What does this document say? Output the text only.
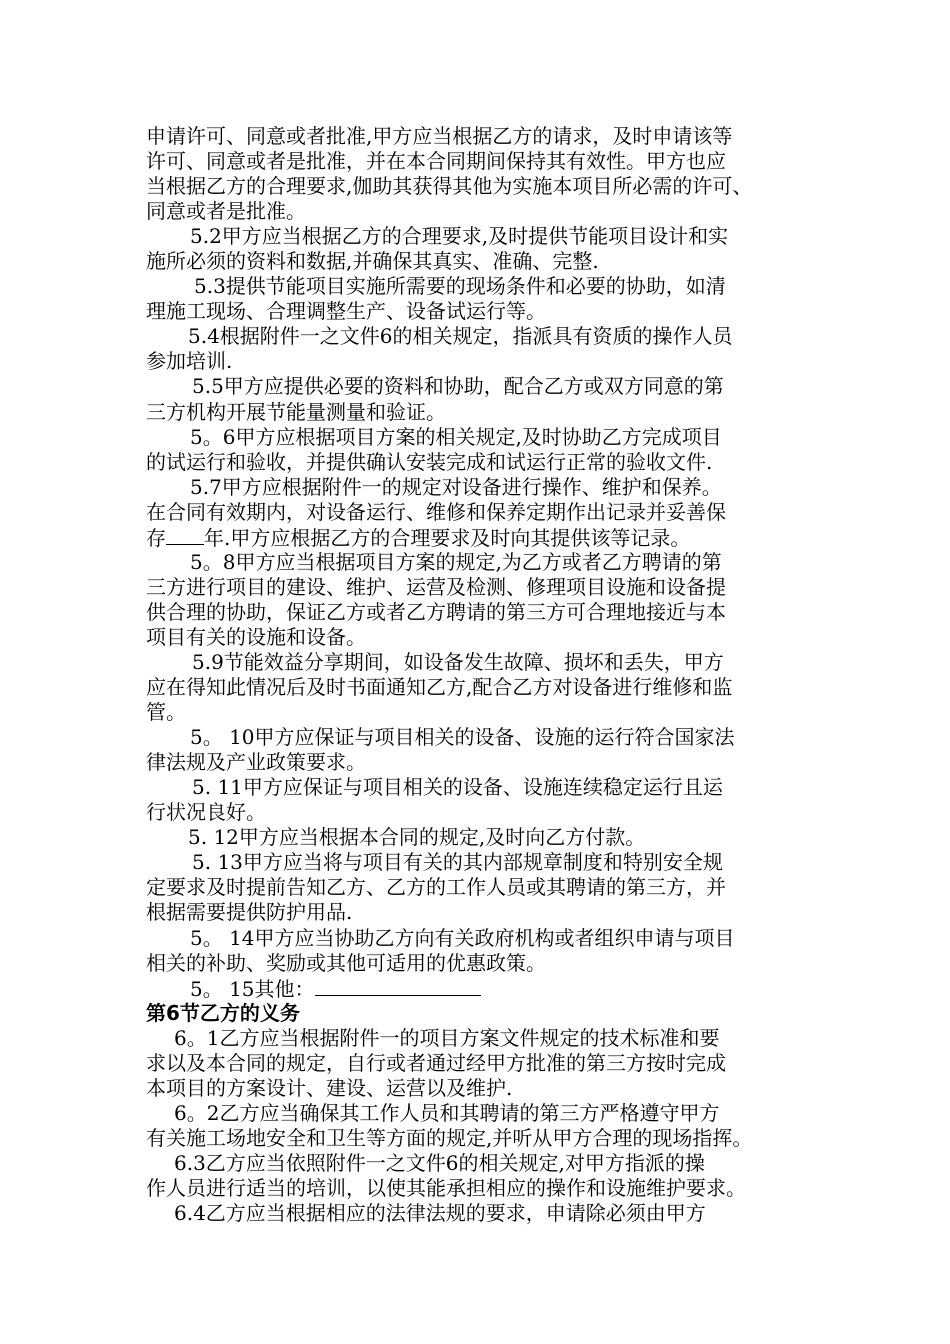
申请许可、同意或者批准,甲方应当根据乙方的请求，及时申请该等
许可、同意或者是批准，并在本合同期间保持其有效性。甲方也应
当根据乙方的合理要求,伽助其获得其他为实施本项目所必需的许可、
同意或者是批准。
5.2甲方应当根据乙方的合理要求,及时提供节能项目设计和实
施所必须的资料和数据,并确保其真实、准确、完整.
5.3提供节能项目实施所需要的现场条件和必要的协助，如清
理施工现场、合理调整生产、设备试运行等。
5.4根据附件一之文件6的相关规定，指派具有资质的操作人员
参加培训.
5.5甲方应提供必要的资料和协助，配合乙方或双方同意的第
三方机构开展节能量测量和验证。
5。6甲方应根据项目方案的相关规定,及时协助乙方完成项目
的试运行和验收，并提供确认安装完成和试运行正常的验收文件.
5.7甲方应根据附件一的规定对设备进行操作、维护和保养。
在合同有效期内，对设备运行、维修和保养定期作出记录并妥善保
存 年.甲方应根据乙方的合理要求及时向其提供该等记录。
5。8甲方应当根据项目方案的规定,为乙方或者乙方聘请的第
三方进行项目的建设、维护、运营及检测、修理项目设施和设备提
供合理的协助，保证乙方或者乙方聘请的第三方可合理地接近与本
项目有关的设施和设备。
5.9节能效益分享期间，如设备发生故障、损坏和丢失，甲方
应在得知此情况后及时书面通知乙方,配合乙方对设备进行维修和监
管。
5。 10甲方应保证与项目相关的设备、设施的运行符合国家法
律法规及产业政策要求。
5. 11甲方应保证与项目相关的设备、设施连续稳定运行且运
行状况良好。
5. 12甲方应当根据本合同的规定,及时向乙方付款。
5. 13甲方应当将与项目有关的其内部规章制度和特别安全规
定要求及时提前告知乙方、乙方的工作人员或其聘请的第三方，并
根据需要提供防护用品.
5。 14甲方应当协助乙方向有关政府机构或者组织申请与项目
相关的补助、奖励或其他可适用的优惠政策。
5。 15其他：
第6节乙方的义务
6。1乙方应当根据附件一的项目方案文件规定的技术标准和要
求以及本合同的规定，自行或者通过经甲方批准的第三方按时完成
本项目的方案设计、建设、运营以及维护.
6。2乙方应当确保其工作人员和其聘请的第三方严格遵守甲方
有关施工场地安全和卫生等方面的规定,并听从甲方合理的现场指挥。
6.3乙方应当依照附件一之文件6的相关规定,对甲方指派的操
作人员进行适当的培训，以使其能承担相应的操作和设施维护要求。
6.4乙方应当根据相应的法律法规的要求，申请除必须由甲方
